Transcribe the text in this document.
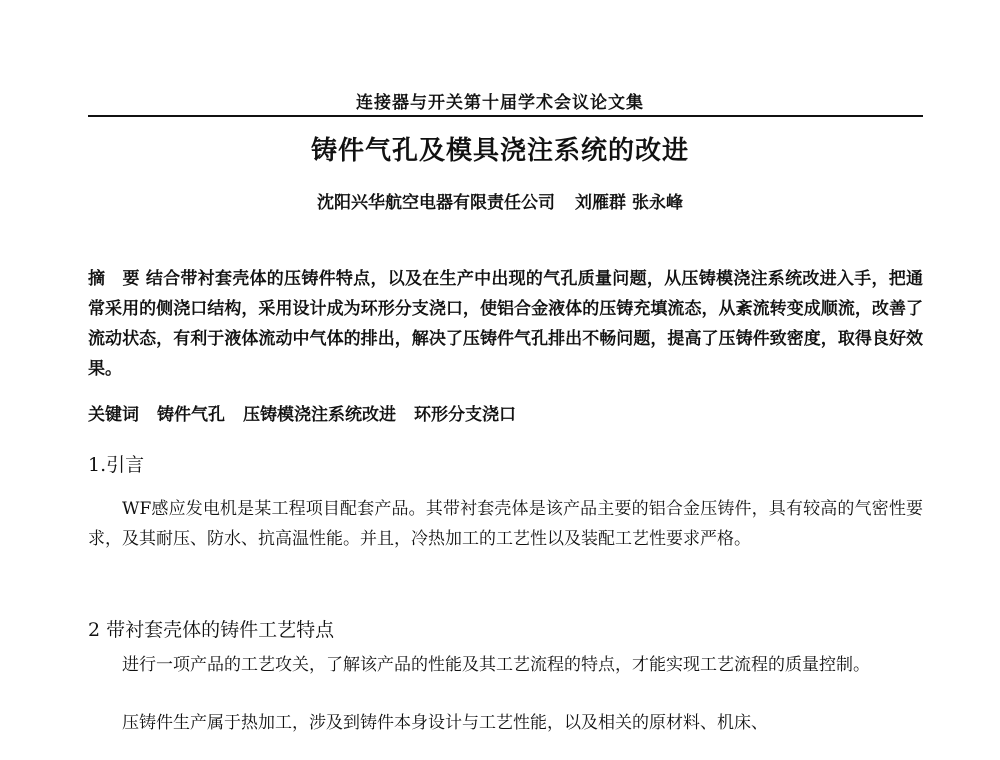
连接器与开关第十届学术会议论文集
铸件气孔及模具浇注系统的改进
沈阳兴华航空电器有限责任公司 刘雁群 张永峰
摘　要 结合带衬套壳体的压铸件特点，以及在生产中出现的气孔质量问题，从压铸模浇注系统改进入手，把通常采用的侧浇口结构，采用设计成为环形分支浇口，使铝合金液体的压铸充填流态，从紊流转变成顺流，改善了流动状态，有利于液体流动中气体的排出，解决了压铸件气孔排出不畅问题，提高了压铸件致密度，取得良好效果。
关键词 铸件气孔 压铸模浇注系统改进 环形分支浇口
1.引言
WF感应发电机是某工程项目配套产品。其带衬套壳体是该产品主要的铝合金压铸件，具有较高的气密性要求，及其耐压、防水、抗高温性能。并且，冷热加工的工艺性以及装配工艺性要求严格。
2 带衬套壳体的铸件工艺特点
进行一项产品的工艺攻关，了解该产品的性能及其工艺流程的特点，才能实现工艺流程的质量控制。
压铸件生产属于热加工，涉及到铸件本身设计与工艺性能，以及相关的原材料、机床、
